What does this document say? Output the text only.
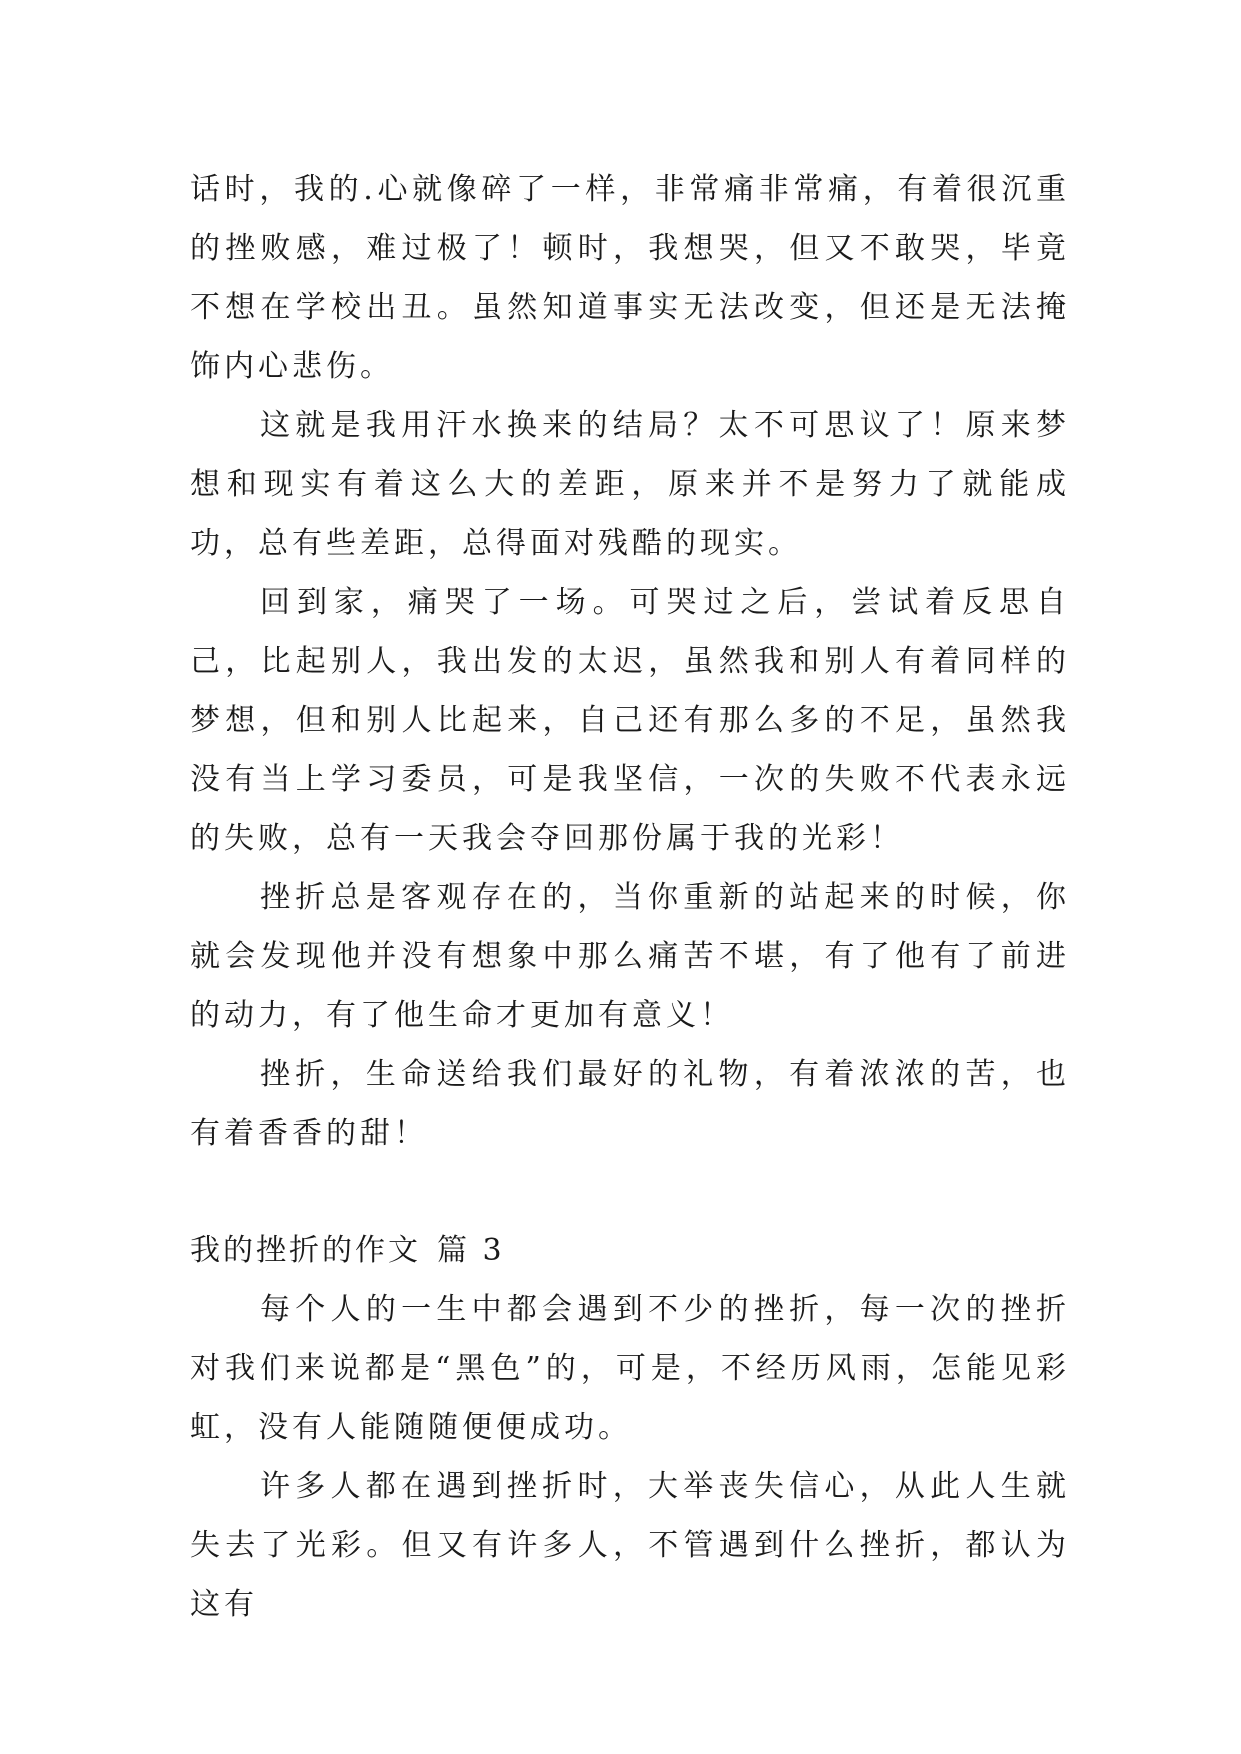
话时，我的.心就像碎了一样，非常痛非常痛，有着很沉重的挫败感，难过极了！顿时，我想哭，但又不敢哭，毕竟不想在学校出丑。虽然知道事实无法改变，但还是无法掩饰内心悲伤。

这就是我用汗水换来的结局？太不可思议了！原来梦想和现实有着这么大的差距，原来并不是努力了就能成功，总有些差距，总得面对残酷的现实。

回到家，痛哭了一场。可哭过之后，尝试着反思自己，比起别人，我出发的太迟，虽然我和别人有着同样的梦想，但和别人比起来，自己还有那么多的不足，虽然我没有当上学习委员，可是我坚信，一次的失败不代表永远的失败，总有一天我会夺回那份属于我的光彩！

挫折总是客观存在的，当你重新的站起来的时候，你就会发现他并没有想象中那么痛苦不堪，有了他有了前进的动力，有了他生命才更加有意义！

挫折，生命送给我们最好的礼物，有着浓浓的苦，也有着香香的甜！

我的挫折的作文 篇 3

每个人的一生中都会遇到不少的挫折，每一次的挫折对我们来说都是“黑色”的，可是，不经历风雨，怎能见彩虹，没有人能随随便便成功。

许多人都在遇到挫折时，大举丧失信心，从此人生就失去了光彩。但又有许多人，不管遇到什么挫折，都认为这有
